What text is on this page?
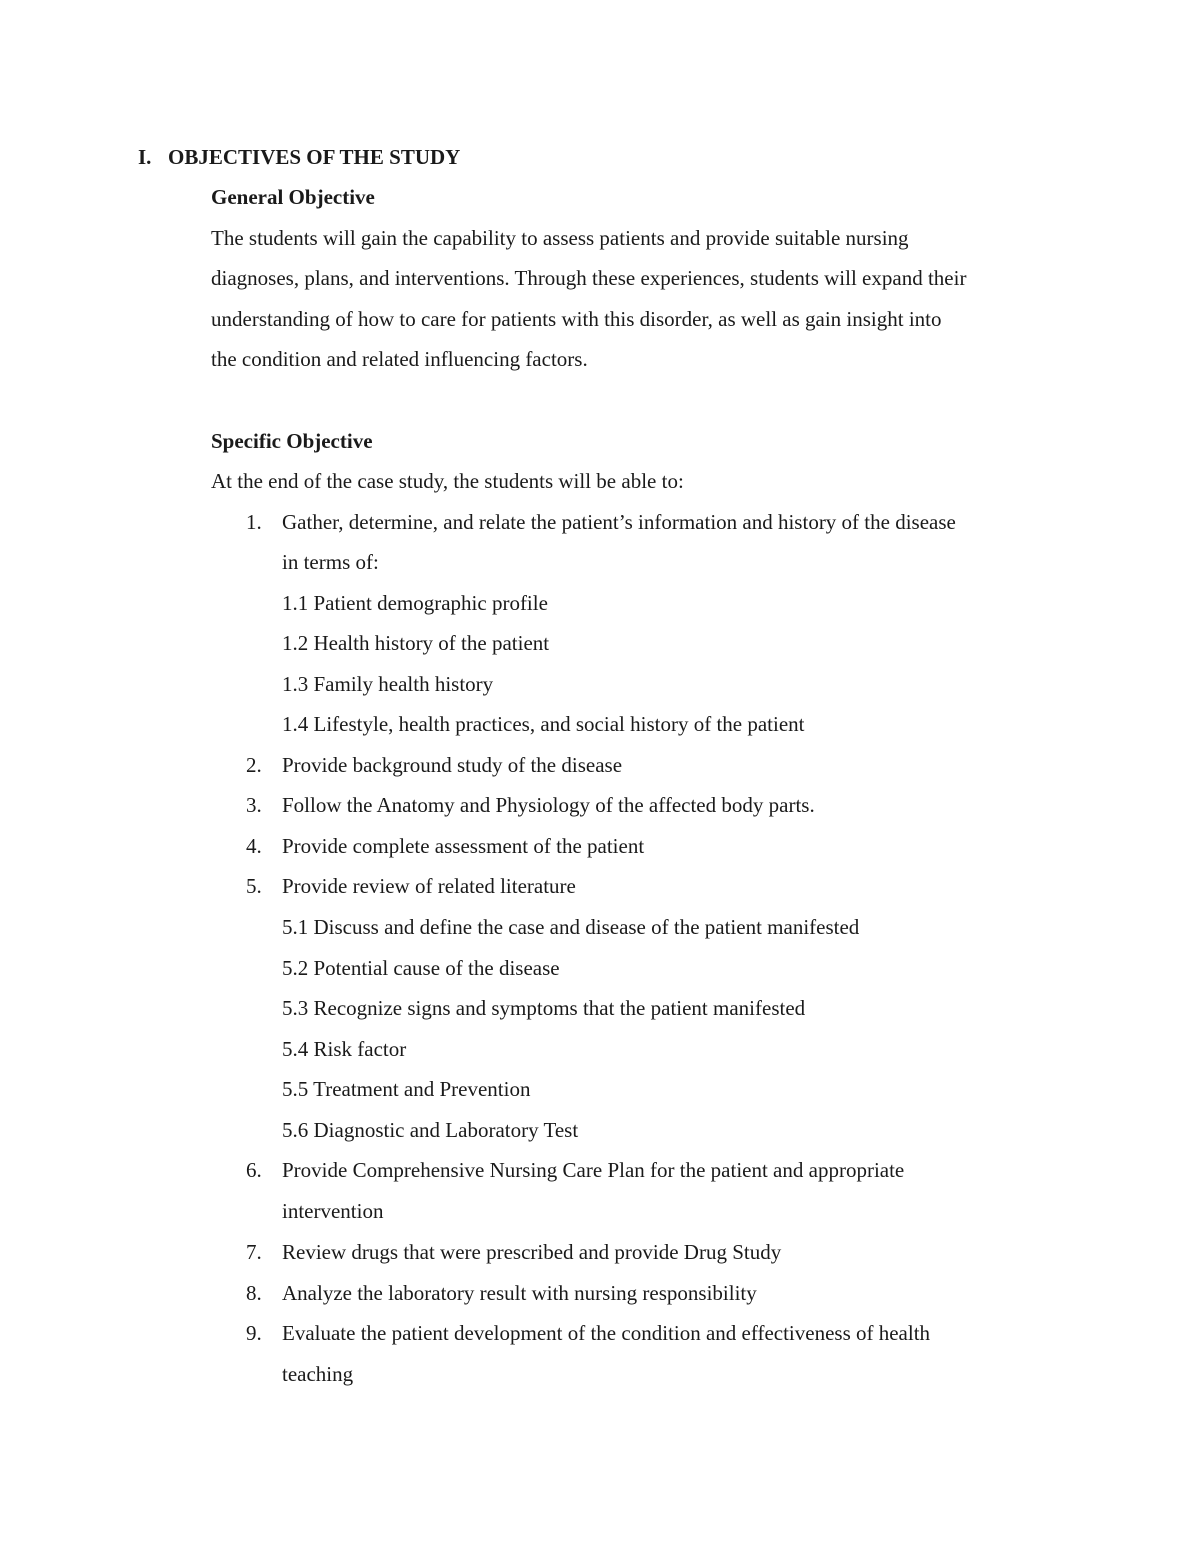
I. OBJECTIVES OF THE STUDY
General Objective
The students will gain the capability to assess patients and provide suitable nursing
diagnoses, plans, and interventions. Through these experiences, students will expand their
understanding of how to care for patients with this disorder, as well as gain insight into
the condition and related influencing factors.
Specific Objective
At the end of the case study, the students will be able to:
1. Gather, determine, and relate the patient’s information and history of the disease
in terms of:
1.1 Patient demographic profile
1.2 Health history of the patient
1.3 Family health history
1.4 Lifestyle, health practices, and social history of the patient
2. Provide background study of the disease
3. Follow the Anatomy and Physiology of the affected body parts.
4. Provide complete assessment of the patient
5. Provide review of related literature
5.1 Discuss and define the case and disease of the patient manifested
5.2 Potential cause of the disease
5.3 Recognize signs and symptoms that the patient manifested
5.4 Risk factor
5.5 Treatment and Prevention
5.6 Diagnostic and Laboratory Test
6. Provide Comprehensive Nursing Care Plan for the patient and appropriate
intervention
7. Review drugs that were prescribed and provide Drug Study
8. Analyze the laboratory result with nursing responsibility
9. Evaluate the patient development of the condition and effectiveness of health
teaching
